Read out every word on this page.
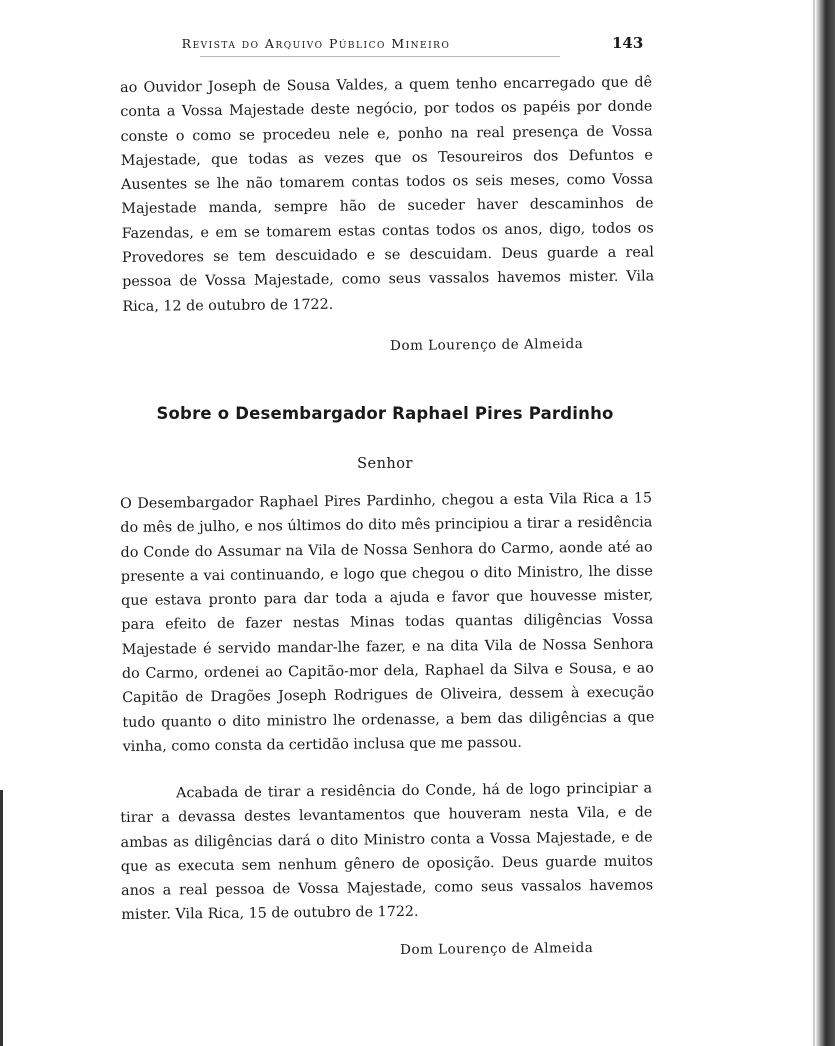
Revista do Arquivo Público Mineiro	143

ao Ouvidor Joseph de Sousa Valdes, a quem tenho encarregado que dê conta a Vossa Majestade deste negócio, por todos os papéis por donde conste o como se procedeu nele e, ponho na real presença de Vossa Majestade, que todas as vezes que os Tesoureiros dos Defuntos e Ausentes se lhe não tomarem contas todos os seis meses, como Vossa Majestade manda, sempre hão de suceder haver descaminhos de Fazendas, e em se tomarem estas contas todos os anos, digo, todos os Provedores se tem descuidado e se descuidam. Deus guarde a real pessoa de Vossa Majestade, como seus vassalos havemos mister. Vila Rica, 12 de outubro de 1722.

Dom Lourenço de Almeida
Sobre o Desembargador Raphael Pires Pardinho
Senhor

O Desembargador Raphael Pires Pardinho, chegou a esta Vila Rica a 15 do mês de julho, e nos últimos do dito mês principiou a tirar a residência do Conde do Assumar na Vila de Nossa Senhora do Carmo, aonde até ao presente a vai continuando, e logo que chegou o dito Ministro, lhe disse que estava pronto para dar toda a ajuda e favor que houvesse mister, para efeito de fazer nestas Minas todas quantas diligências Vossa Majestade é servido mandar-lhe fazer, e na dita Vila de Nossa Senhora do Carmo, ordenei ao Capitão-mor dela, Raphael da Silva e Sousa, e ao Capitão de Dragões Joseph Rodrigues de Oliveira, dessem à execução tudo quanto o dito ministro lhe ordenasse, a bem das diligências a que vinha, como consta da certidão inclusa que me passou.

Acabada de tirar a residência do Conde, há de logo principiar a tirar a devassa destes levantamentos que houveram nesta Vila, e de ambas as diligências dará o dito Ministro conta a Vossa Majestade, e de que as executa sem nenhum gênero de oposição. Deus guarde muitos anos a real pessoa de Vossa Majestade, como seus vassalos havemos mister. Vila Rica, 15 de outubro de 1722.

Dom Lourenço de Almeida
